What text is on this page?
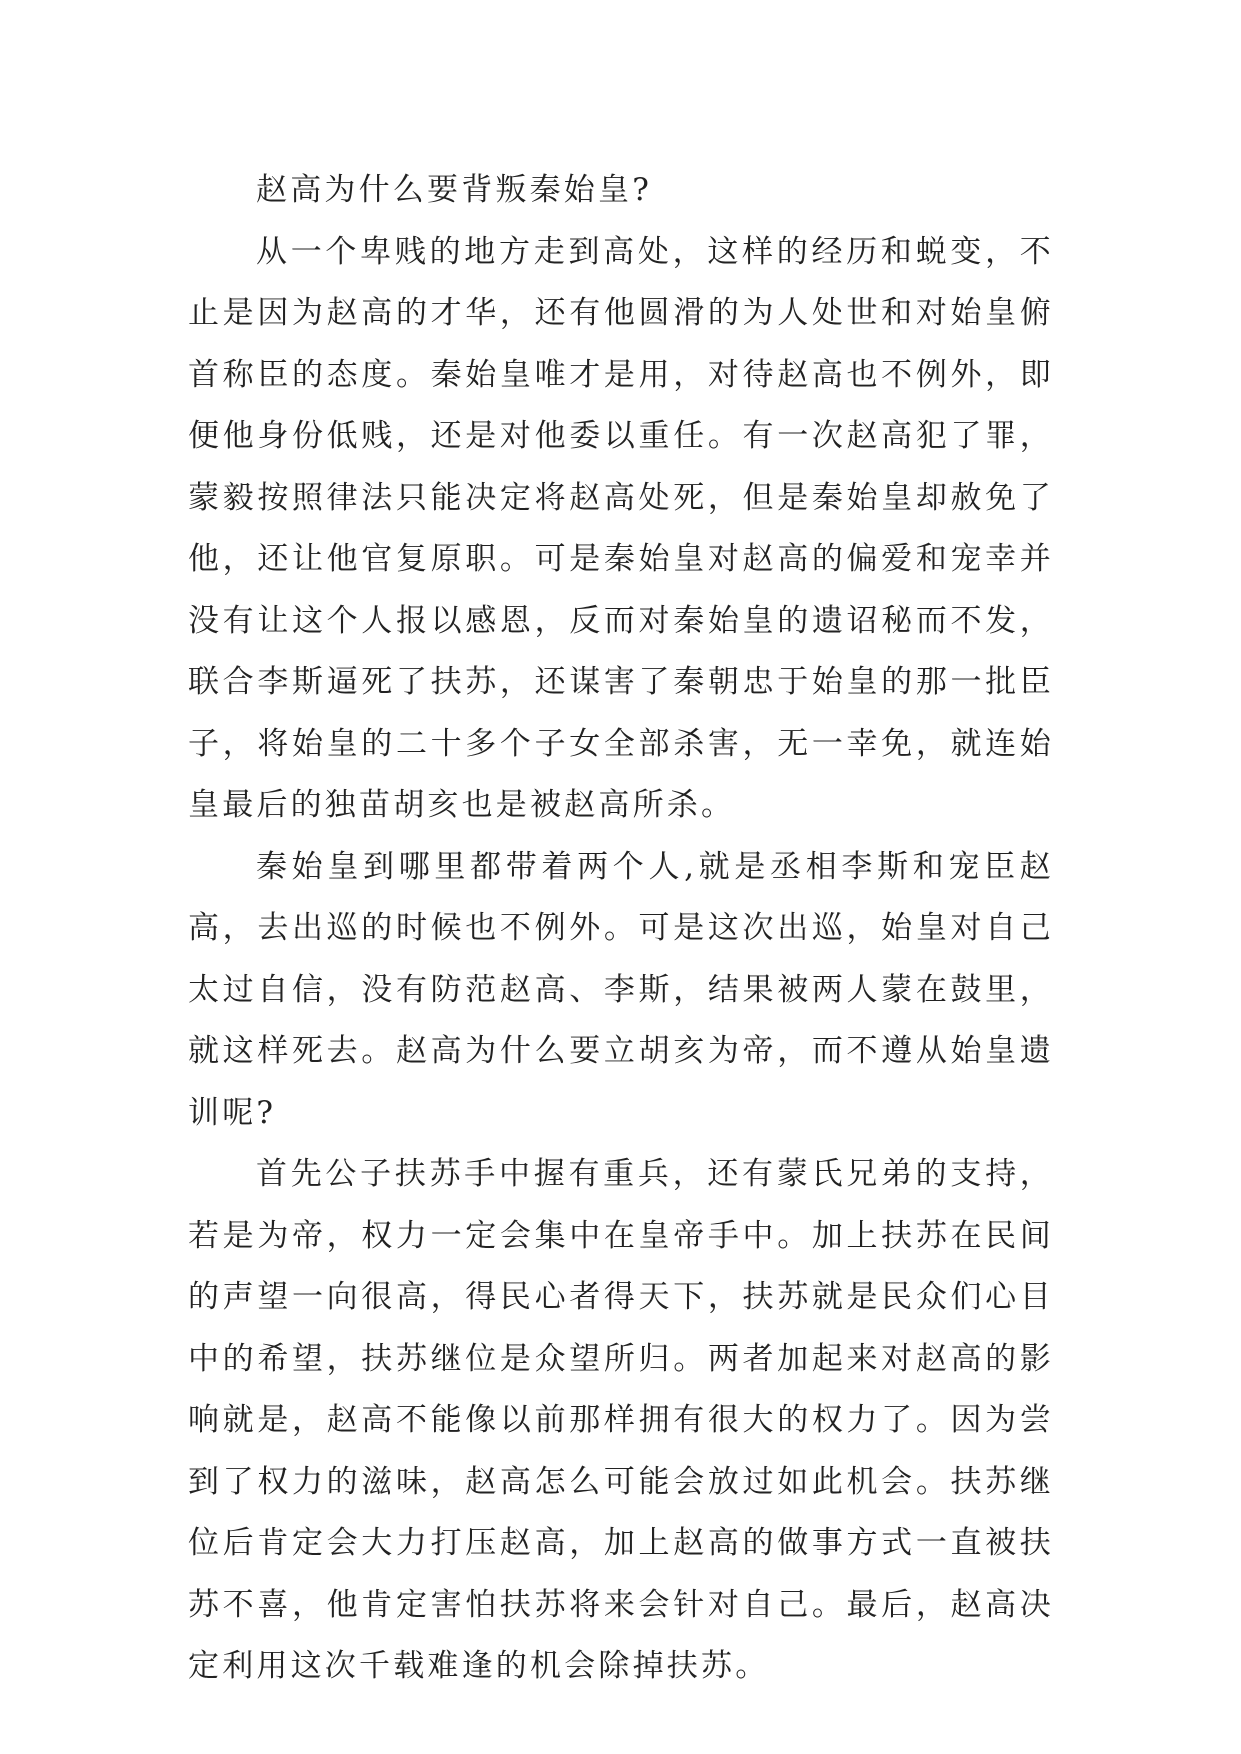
赵高为什么要背叛秦始皇?

从一个卑贱的地方走到高处，这样的经历和蜕变，不止是因为赵高的才华，还有他圆滑的为人处世和对始皇俯首称臣的态度。秦始皇唯才是用，对待赵高也不例外，即便他身份低贱，还是对他委以重任。有一次赵高犯了罪，蒙毅按照律法只能决定将赵高处死，但是秦始皇却赦免了他，还让他官复原职。可是秦始皇对赵高的偏爱和宠幸并没有让这个人报以感恩，反而对秦始皇的遗诏秘而不发，联合李斯逼死了扶苏，还谋害了秦朝忠于始皇的那一批臣子，将始皇的二十多个子女全部杀害，无一幸免，就连始皇最后的独苗胡亥也是被赵高所杀。

秦始皇到哪里都带着两个人,就是丞相李斯和宠臣赵高，去出巡的时候也不例外。可是这次出巡，始皇对自己太过自信，没有防范赵高、李斯，结果被两人蒙在鼓里，就这样死去。赵高为什么要立胡亥为帝，而不遵从始皇遗训呢?

首先公子扶苏手中握有重兵，还有蒙氏兄弟的支持，若是为帝，权力一定会集中在皇帝手中。加上扶苏在民间的声望一向很高，得民心者得天下，扶苏就是民众们心目中的希望，扶苏继位是众望所归。两者加起来对赵高的影响就是，赵高不能像以前那样拥有很大的权力了。因为尝到了权力的滋味，赵高怎么可能会放过如此机会。扶苏继位后肯定会大力打压赵高，加上赵高的做事方式一直被扶苏不喜，他肯定害怕扶苏将来会针对自己。最后，赵高决定利用这次千载难逢的机会除掉扶苏。
